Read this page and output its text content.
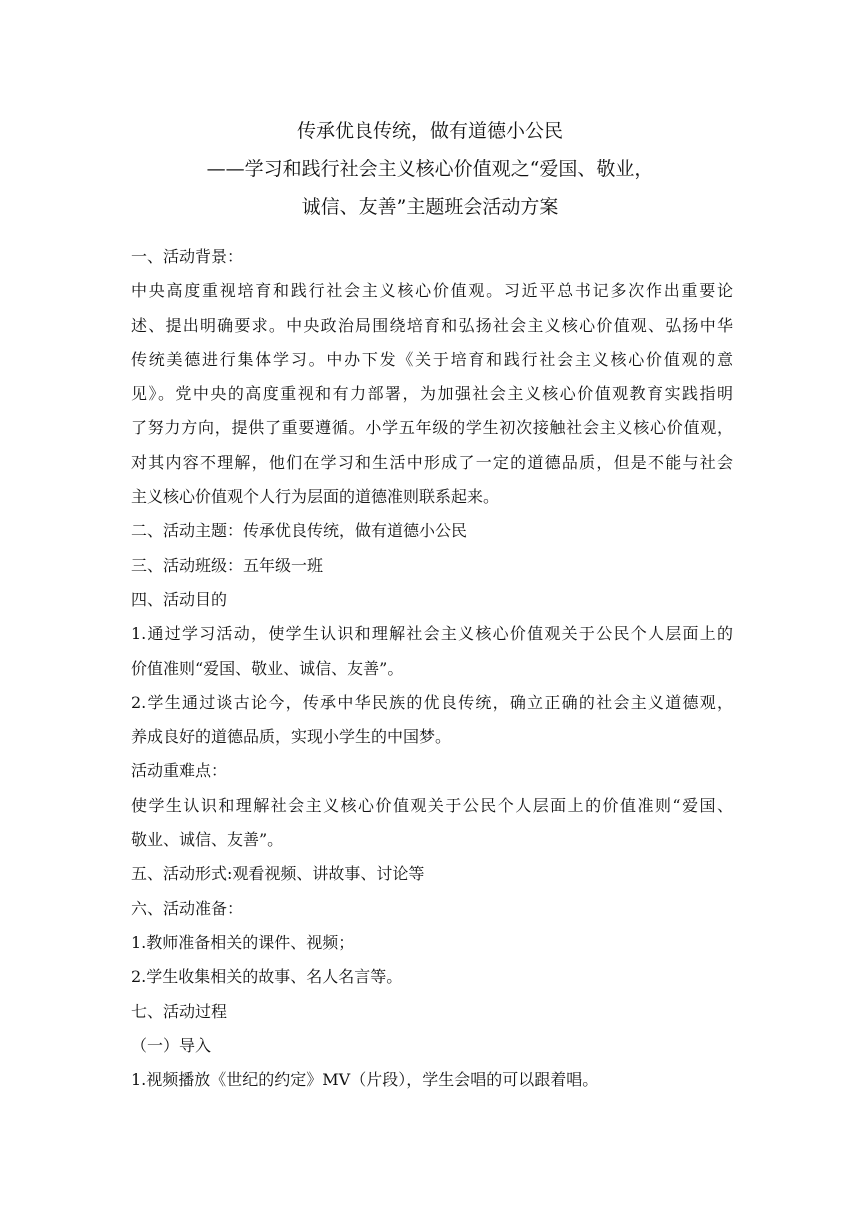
传承优良传统，做有道德小公民
——学习和践行社会主义核心价值观之“爱国、敬业，
诚信、友善”主题班会活动方案
一、活动背景：
中央高度重视培育和践行社会主义核心价值观。习近平总书记多次作出重要论
述、提出明确要求。中央政治局围绕培育和弘扬社会主义核心价值观、弘扬中华
传统美德进行集体学习。中办下发《关于培育和践行社会主义核心价值观的意
见》。党中央的高度重视和有力部署，为加强社会主义核心价值观教育实践指明
了努力方向，提供了重要遵循。小学五年级的学生初次接触社会主义核心价值观，
对其内容不理解，他们在学习和生活中形成了一定的道德品质，但是不能与社会
主义核心价值观个人行为层面的道德准则联系起来。
二、活动主题：传承优良传统，做有道德小公民
三、活动班级：五年级一班
四、活动目的
1.通过学习活动，使学生认识和理解社会主义核心价值观关于公民个人层面上的
价值准则“爱国、敬业、诚信、友善”。
2.学生通过谈古论今，传承中华民族的优良传统，确立正确的社会主义道德观，
养成良好的道德品质，实现小学生的中国梦。
活动重难点：
使学生认识和理解社会主义核心价值观关于公民个人层面上的价值准则“爱国、
敬业、诚信、友善”。
五、活动形式:观看视频、讲故事、讨论等
六、活动准备：
1.教师准备相关的课件、视频；
2.学生收集相关的故事、名人名言等。
七、活动过程
（一）导入
1.视频播放《世纪的约定》MV（片段），学生会唱的可以跟着唱。
